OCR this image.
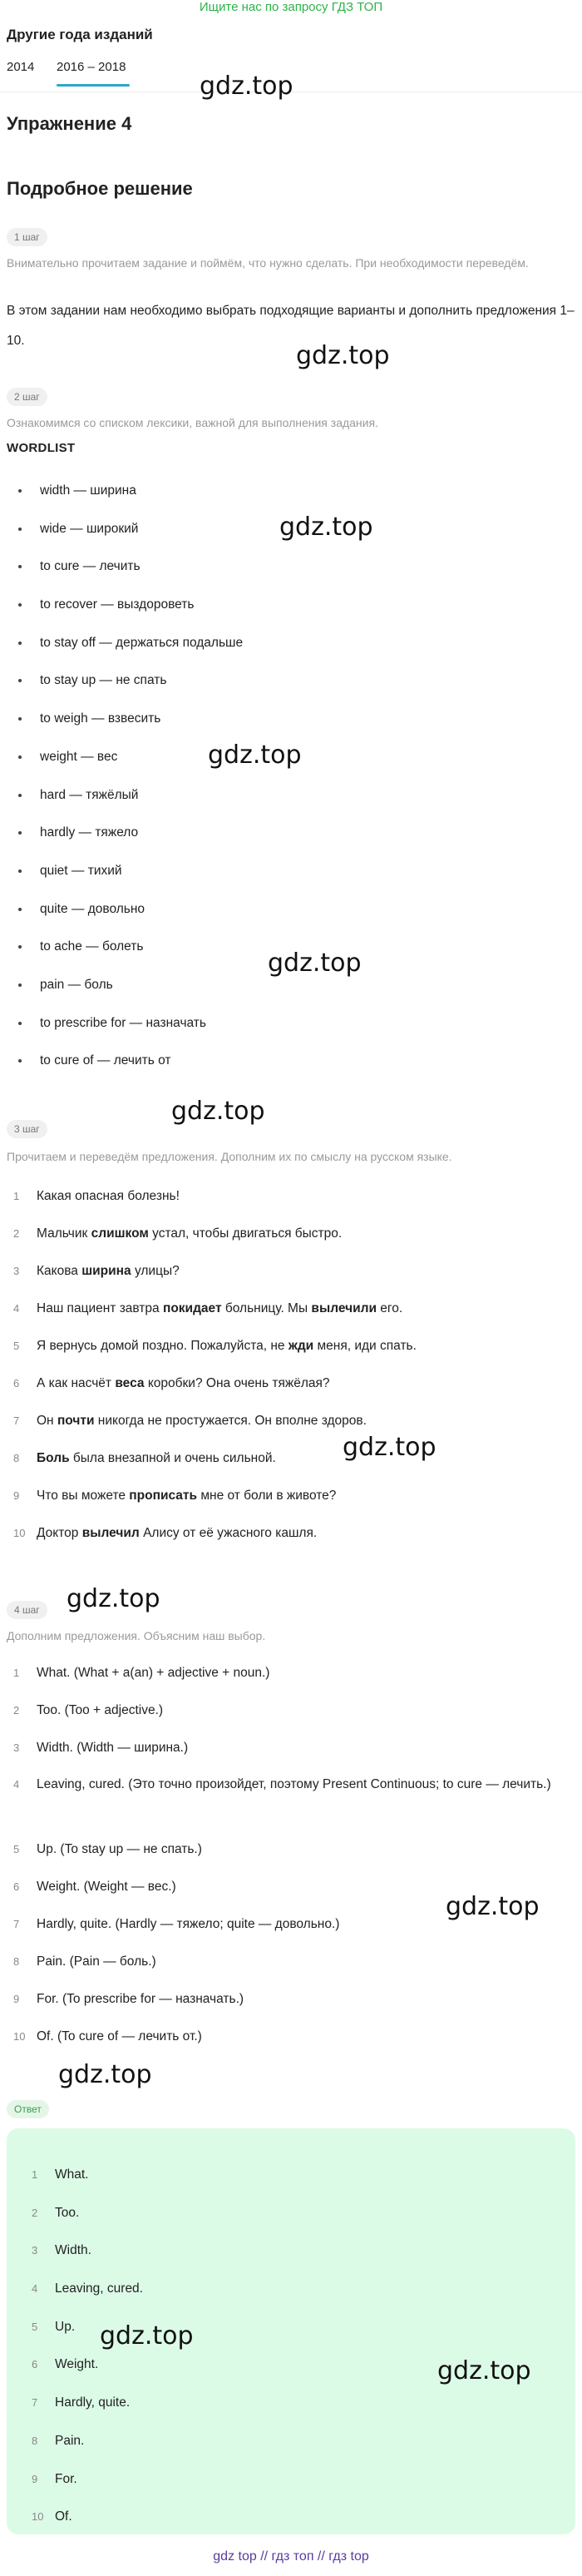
Ищите нас по запросу ГДЗ ТОП
Другие года изданий
2014 2016 – 2018
Упражнение 4
Подробное решение
1 шаг
Внимательно прочитаем задание и поймём, что нужно сделать. При необходимости переведём.
В этом задании нам необходимо выбрать подходящие варианты и дополнить предложения 1–10.
2 шаг
Ознакомимся со списком лексики, важной для выполнения задания.
WORDLIST
width — ширина
wide — широкий
to cure — лечить
to recover — выздороветь
to stay off — держаться подальше
to stay up — не спать
to weigh — взвесить
weight — вес
hard — тяжёлый
hardly — тяжело
quiet — тихий
quite — довольно
to ache — болеть
pain — боль
to prescribe for — назначать
to cure of — лечить от
3 шаг
Прочитаем и переведём предложения. Дополним их по смыслу на русском языке.
1	Какая опасная болезнь!
2	Мальчик слишком устал, чтобы двигаться быстро.
3	Какова ширина улицы?
4	Наш пациент завтра покидает больницу. Мы вылечили его.
5	Я вернусь домой поздно. Пожалуйста, не жди меня, иди спать.
6	А как насчёт веса коробки? Она очень тяжёлая?
7	Он почти никогда не простужается. Он вполне здоров.
8	Боль была внезапной и очень сильной.
9	Что вы можете прописать мне от боли в животе?
10 Доктор вылечил Алису от её ужасного кашля.
4 шаг
Дополним предложения. Объясним наш выбор.
1	What. (What + a(an) + adjective + noun.)
2	Too. (Too + adjective.)
3	Width. (Width — ширина.)
4	Leaving, cured. (Это точно произойдет, поэтому Present Continuous; to cure — лечить.)
5	Up. (To stay up — не спать.)
6	Weight. (Weight — вес.)
7	Hardly, quite. (Hardly — тяжело; quite — довольно.)
8	Pain. (Pain — боль.)
9	For. (To prescribe for — назначать.)
10 Of. (To cure of — лечить от.)
Ответ
1 What.
2 Too.
3 Width.
4 Leaving, cured.
5 Up.
6 Weight.
7 Hardly, quite.
8 Pain.
9 For.
10 Of.
gdz.top
gdz.top
gdz.top
gdz.top
gdz.top
gdz.top
gdz.top
gdz.top
gdz.top
gdz.top
gdz.top
gdz.top
gdz top // гдз топ // гдз top
